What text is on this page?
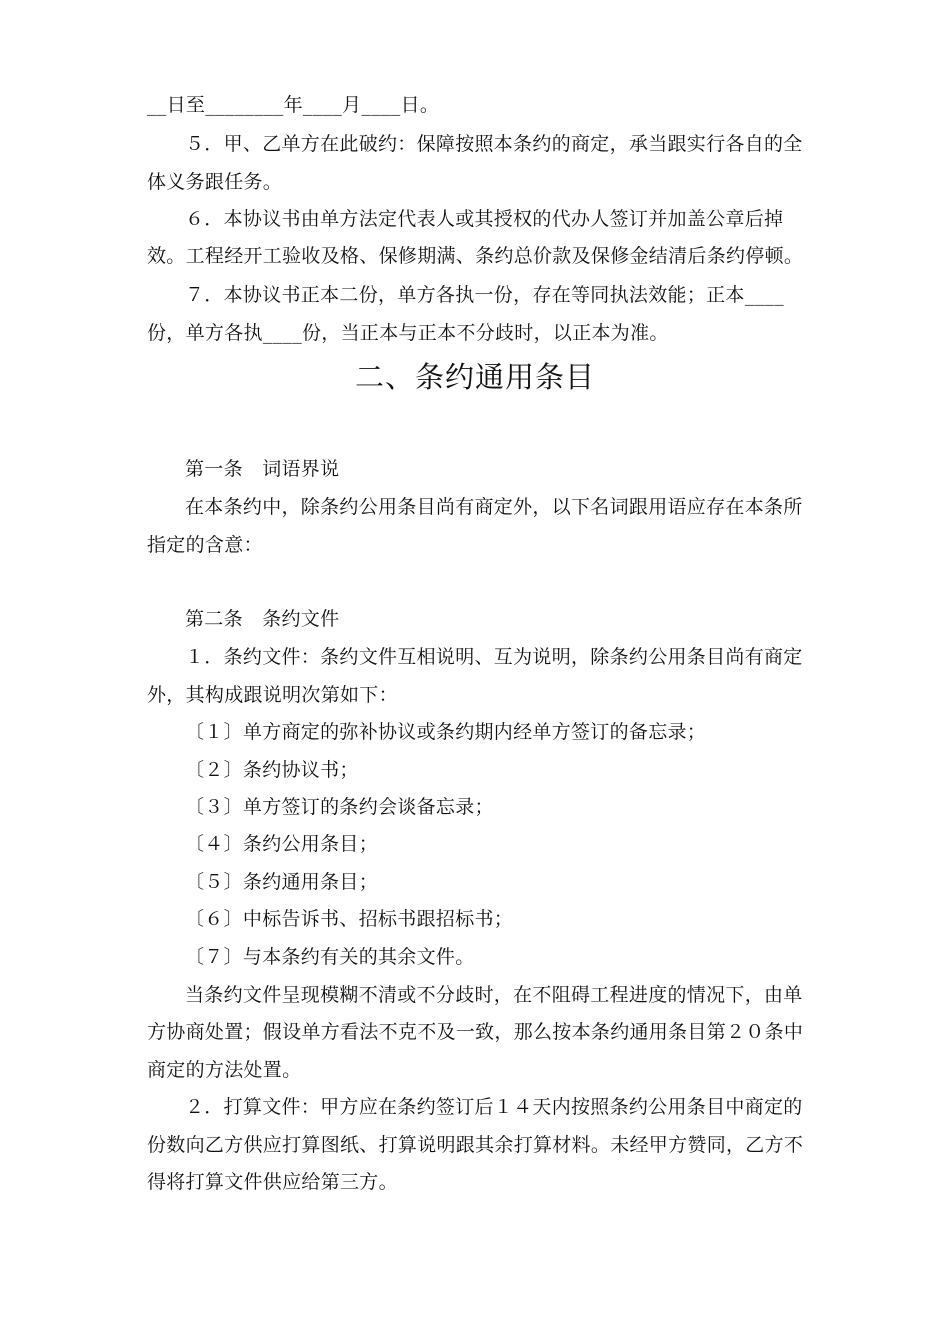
__日至________年____月____日。
５．甲、乙单方在此破约：保障按照本条约的商定，承当跟实行各自的全
体义务跟任务。
６．本协议书由单方法定代表人或其授权的代办人签订并加盖公章后掉
效。工程经开工验收及格、保修期满、条约总价款及保修金结清后条约停顿。
７．本协议书正本二份，单方各执一份，存在等同执法效能；正本____
份，单方各执____份，当正本与正本不分歧时，以正本为准。
第一条　词语界说
在本条约中，除条约公用条目尚有商定外，以下名词跟用语应存在本条所
指定的含意：
第二条　条约文件
１．条约文件：条约文件互相说明、互为说明，除条约公用条目尚有商定
外，其构成跟说明次第如下：
〔１〕单方商定的弥补协议或条约期内经单方签订的备忘录；
〔２〕条约协议书；
〔３〕单方签订的条约会谈备忘录；
〔４〕条约公用条目；
〔５〕条约通用条目；
〔６〕中标告诉书、招标书跟招标书；
〔７〕与本条约有关的其余文件。
当条约文件呈现模糊不清或不分歧时，在不阻碍工程进度的情况下，由单
方协商处置；假设单方看法不克不及一致，那么按本条约通用条目第２０条中
商定的方法处置。
２．打算文件：甲方应在条约签订后１４天内按照条约公用条目中商定的
份数向乙方供应打算图纸、打算说明跟其余打算材料。未经甲方赞同，乙方不
得将打算文件供应给第三方。
二、条约通用条目
